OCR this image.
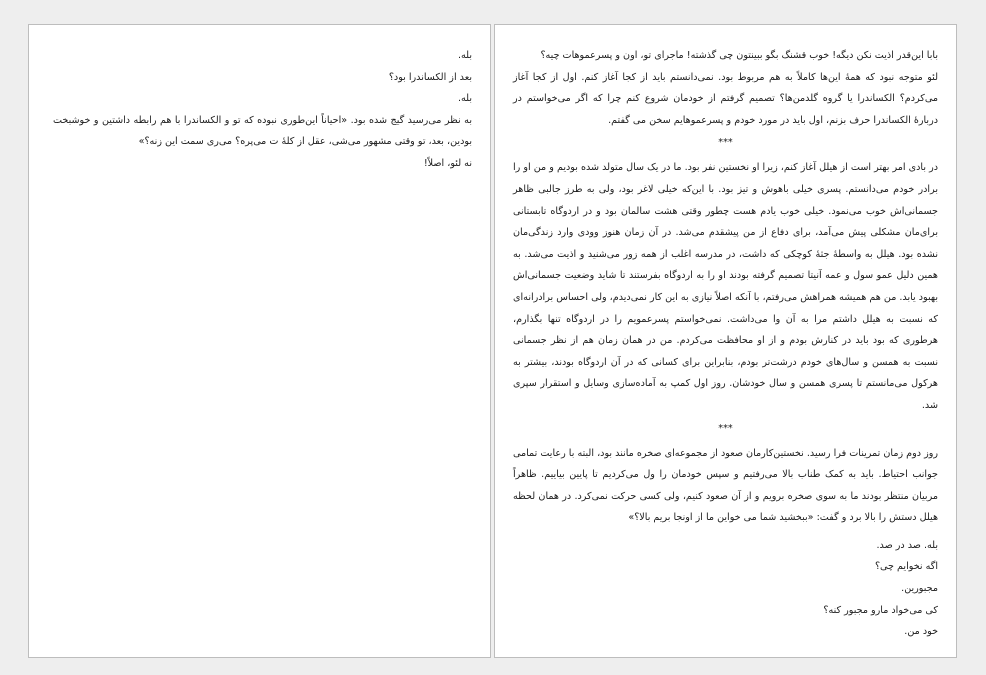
بله.

بعد از الکساندرا بود؟

بله.

به نظر می‌رسید گیج شده بود. «احیاناً این‌طوری نبوده که تو و الکساندرا با هم رابطه داشتین و خوشبخت بودین، بعد، تو وقتی مشهور می‌شی، عقل از کلهٔ ت می‌پره؟ می‌ری سمت این زنه؟»

نه لئو، اصلاً!

بابا این‌قدر اذیت نکن دیگه! خوب قشنگ بگو ببینتون چی گذشته! ماجرای تو، اون و پسرعموهات چیه؟

لئو متوجه نبود که همهٔ این‌ها کاملاً به هم مربوط بود. نمی‌دانستم باید از کجا آغاز کنم. اول از کجا آغاز می‌کردم؟ الکساندرا یا گروه گلدمن‌ها؟ تصمیم گرفتم از خودمان شروع کنم چرا که اگر می‌خواستم در دربارهٔ الکساندرا حرف بزنم، اول باید در مورد خودم و پسرعموهایم سخن می گفتم.

***

در بادی امر بهتر است از هیلل آغاز کنم، زیرا او نخستین نفر بود. ما در یک سال متولد شده بودیم و من او را برادر خودم می‌دانستم. پسری خیلی باهوش و تیز بود. با این‌که خیلی لاغر بود، ولی به طرز جالبی ظاهر جسمانی‌اش خوب می‌نمود. خیلی خوب یادم هست چطور وقتی هشت سالمان بود و در اردوگاه تابستانی برای‌مان مشکلی پیش می‌آمد، برای دفاع از من پیشقدم می‌شد. در آن زمان هنوز وودی وارد زندگی‌مان نشده بود. هیلل به واسطهٔ جثهٔ کوچکی که داشت، در مدرسه اغلب از همه زور می‌شنید و اذیت می‌شد. به همین دلیل عمو سول و عمه آنیتا تصمیم گرفته بودند او را به اردوگاه بفرستند تا شاید وضعیت جسمانی‌اش بهبود یابد. من هم همیشه همراهش می‌رفتم، با آنکه اصلاً نیازی به این کار نمی‌دیدم، ولی احساس برادرانه‌ای که نسبت به هیلل داشتم مرا به آن وا می‌داشت. نمی‌خواستم پسرعمویم را در اردوگاه تنها بگذارم، هرطوری که بود باید در کنارش بودم و از او محافظت می‌کردم. من در همان زمان هم از نظر جسمانی نسبت به همسن و سال‌های خودم درشت‌تر بودم، بنابراین برای کسانی که در آن اردوگاه بودند، بیشتر به هرکول می‌مانستم تا پسری همسن و سال خودشان. روز اول کمپ به آماده‌سازی وسایل و استقرار سپری شد.

***

روز دوم زمان تمرینات فرا رسید. نخستین‌کارمان صعود از مجموعه‌ای صخره مانند بود، البته با رعایت تمامی جوانب احتیاط. باید به کمک طناب بالا می‌رفتیم و سپس خودمان را ول می‌کردیم تا پایین بیاییم. ظاهراً مربیان منتظر بودند ما به سوی صخره برویم و از آن صعود کنیم، ولی کسی حرکت نمی‌کرد. در همان لحظه هیلل دستش را بالا برد و گفت: «ببخشید شما می خواین ما از اونجا بریم بالا؟»

بله. صد در صد.

اگه نخوایم چی؟

مجبورین.

کی می‌خواد مارو مجبور کنه؟

خود من.
